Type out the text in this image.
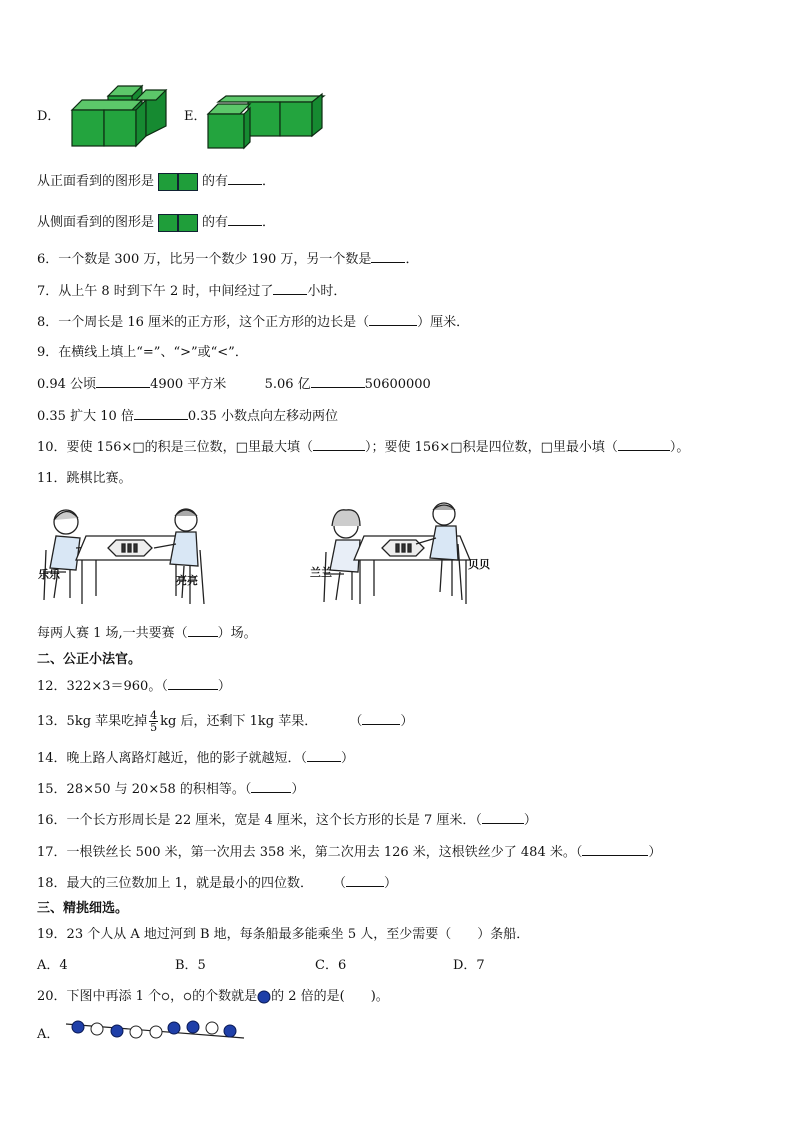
D．	E．
从正面看到的图形是	的有	．
从侧面看到的图形是	的有	．
6．一个数是 300 万，比另一个数少 190 万，另一个数是	．
7．从上午 8 时到下午 2 时，中间经过了	小时．
8．一个周长是 16 厘米的正方形，这个正方形的边长是（	）厘米．
9．在横线上填上“=”、“>”或“<”．
0.94 公顷	4900 平方米	5.06 亿	50600000
0.35 扩大 10 倍	0.35 小数点向左移动两位
10．要使 156×□的积是三位数，□里最大填（	）；要使 156×□积是四位数，□里最小填（	）。
11．跳棋比赛。
乐乐	亮亮
兰兰
贝贝
每两人赛 1 场,一共要赛（ ）场。
二、公正小法官。
12．322×3＝960。（	）
13．5kg 苹果吃掉 $\frac{4}{5}$ kg 后，还剩下 1kg 苹果． （	）
14．晚上路人离路灯越近，他的影子就越短．（	）
15．28×50 与 20×58 的积相等。（	）
16．一个长方形周长是 22 厘米，宽是 4 厘米，这个长方形的长是 7 厘米．（	）
17．一根铁丝长 500 米，第一次用去 358 米，第二次用去 126 米，这根铁丝少了 484 米。（	）
18．最大的三位数加上 1，就是最小的四位数． （	）
三、精挑细选。
19．23 个人从 A 地过河到 B 地，每条船最多能乘坐 5 人，至少需要（　　）条船．
A．4	B．5	C．6	D．7
20．下图中再添 1 个 ， 的个数就是 的 2 倍的是(　　)。
A．
